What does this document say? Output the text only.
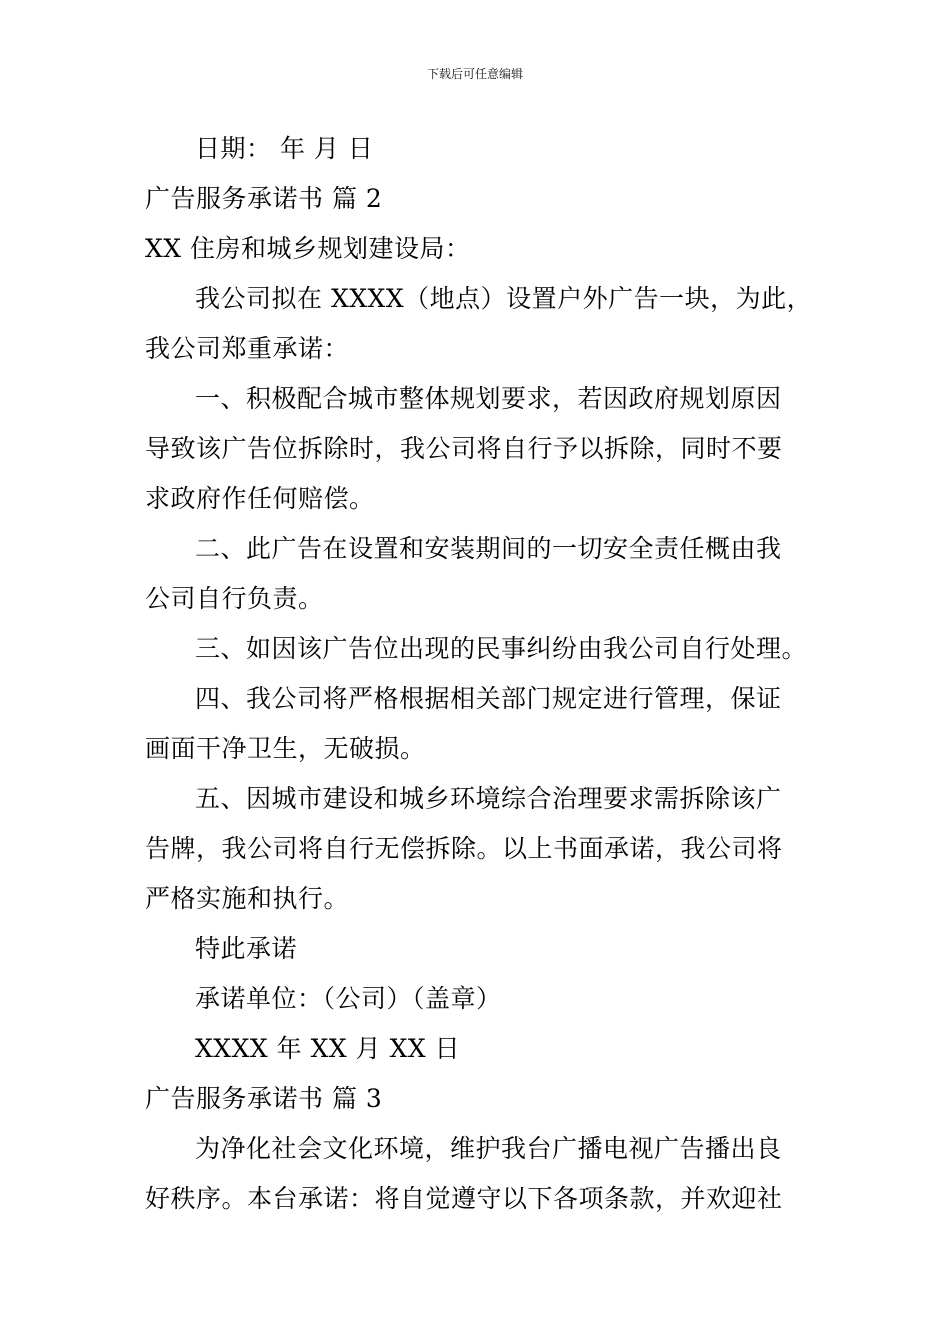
下载后可任意编辑
日期： 年 月 日
广告服务承诺书 篇 2
XX 住房和城乡规划建设局：
我公司拟在 XXXX（地点）设置户外广告一块，为此，
我公司郑重承诺：
一、积极配合城市整体规划要求，若因政府规划原因
导致该广告位拆除时，我公司将自行予以拆除，同时不要
求政府作任何赔偿。
二、此广告在设置和安装期间的一切安全责任概由我
公司自行负责。
三、如因该广告位出现的民事纠纷由我公司自行处理。
四、我公司将严格根据相关部门规定进行管理，保证
画面干净卫生，无破损。
五、因城市建设和城乡环境综合治理要求需拆除该广
告牌，我公司将自行无偿拆除。以上书面承诺，我公司将
严格实施和执行。
特此承诺
承诺单位：（公司）（盖章）
XXXX 年 XX 月 XX 日
广告服务承诺书 篇 3
为净化社会文化环境，维护我台广播电视广告播出良
好秩序。本台承诺：将自觉遵守以下各项条款，并欢迎社
